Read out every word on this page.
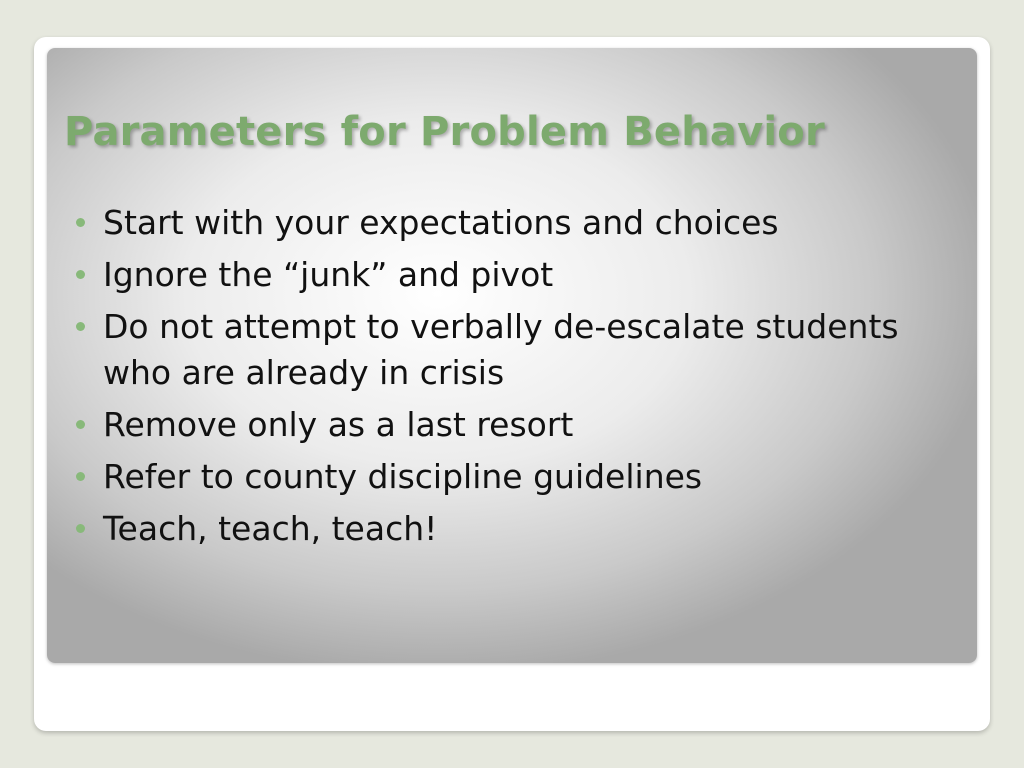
Parameters for Problem Behavior
Start with your expectations and choices
Ignore the “junk” and pivot
Do not attempt to verbally de-escalate students who are already in crisis
Remove only as a last resort
Refer to county discipline guidelines
Teach, teach, teach!
